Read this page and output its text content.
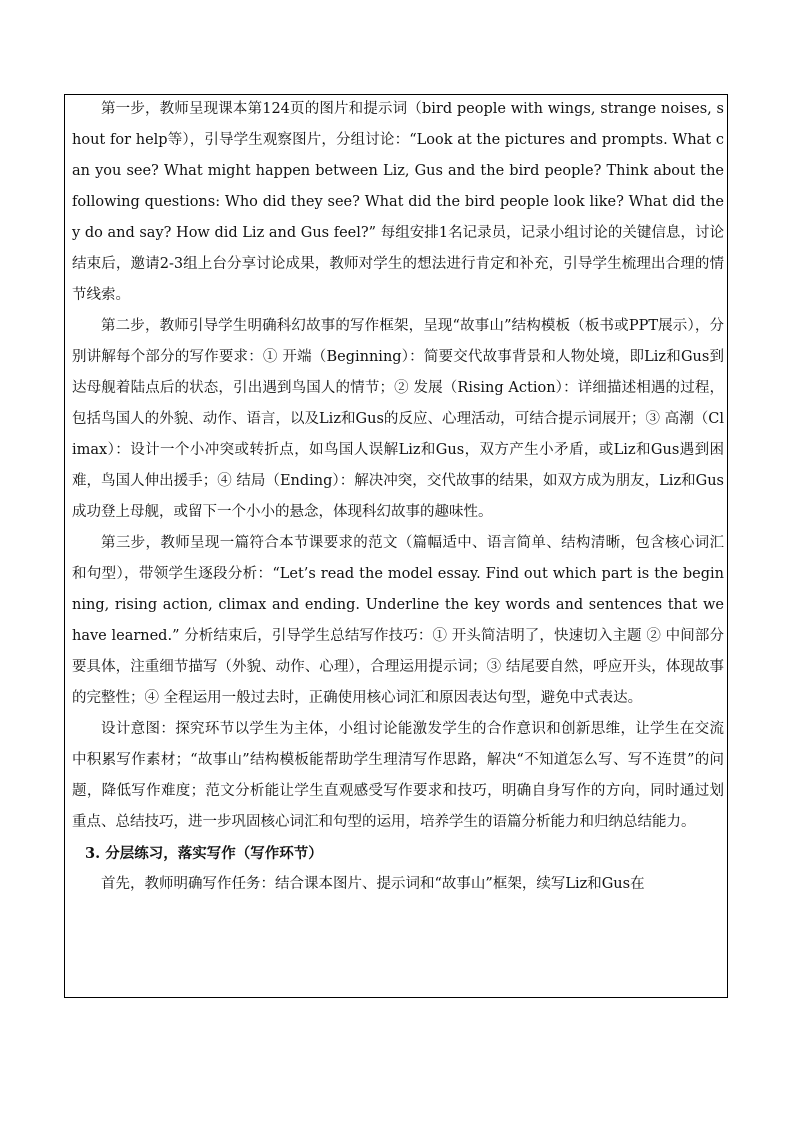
第一步，教师呈现课本第124页的图片和提示词（bird people with wings, strange noises, shout for help等），引导学生观察图片，分组讨论：“Look at the pictures and prompts. What can you see? What might happen between Liz, Gus and the bird people? Think about the following questions: Who did they see? What did the bird people look like? What did they do and say? How did Liz and Gus feel?” 每组安排1名记录员，记录小组讨论的关键信息，讨论结束后，邀请2-3组上台分享讨论成果，教师对学生的想法进行肯定和补充，引导学生梳理出合理的情节线索。

第二步，教师引导学生明确科幻故事的写作框架，呈现“故事山”结构模板（板书或PPT展示），分别讲解每个部分的写作要求：① 开端（Beginning）：简要交代故事背景和人物处境，即Liz和Gus到达母舰着陆点后的状态，引出遇到鸟国人的情节；② 发展（Rising Action）：详细描述相遇的过程，包括鸟国人的外貌、动作、语言，以及Liz和Gus的反应、心理活动，可结合提示词展开；③ 高潮（Climax）：设计一个小冲突或转折点，如鸟国人误解Liz和Gus，双方产生小矛盾，或Liz和Gus遇到困难，鸟国人伸出援手；④ 结局（Ending）：解决冲突，交代故事的结果，如双方成为朋友，Liz和Gus成功登上母舰，或留下一个小小的悬念，体现科幻故事的趣味性。

第三步，教师呈现一篇符合本节课要求的范文（篇幅适中、语言简单、结构清晰，包含核心词汇和句型），带领学生逐段分析：“Let’s read the model essay. Find out which part is the beginning, rising action, climax and ending. Underline the key words and sentences that we have learned.” 分析结束后，引导学生总结写作技巧：① 开头简洁明了，快速切入主题 ② 中间部分要具体，注重细节描写（外貌、动作、心理），合理运用提示词；③ 结尾要自然，呼应开头，体现故事的完整性；④ 全程运用一般过去时，正确使用核心词汇和原因表达句型，避免中式表达。

设计意图：探究环节以学生为主体，小组讨论能激发学生的合作意识和创新思维，让学生在交流中积累写作素材；“故事山”结构模板能帮助学生理清写作思路，解决“不知道怎么写、写不连贯”的问题，降低写作难度；范文分析能让学生直观感受写作要求和技巧，明确自身写作的方向，同时通过划重点、总结技巧，进一步巩固核心词汇和句型的运用，培养学生的语篇分析能力和归纳总结能力。

3. 分层练习，落实写作（写作环节）

首先，教师明确写作任务：结合课本图片、提示词和“故事山”框架，续写Liz和Gus在
